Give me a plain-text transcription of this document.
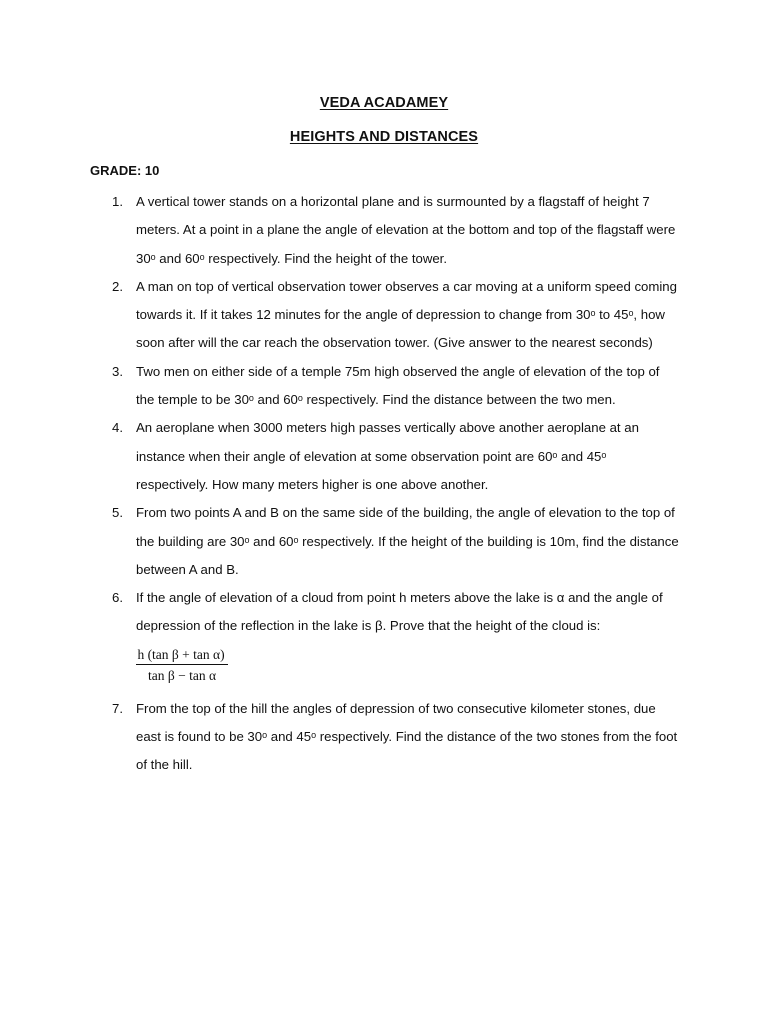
VEDA ACADAMEY
HEIGHTS AND DISTANCES
GRADE: 10
1. A vertical tower stands on a horizontal plane and is surmounted by a flagstaff of height 7 meters. At a point in a plane the angle of elevation at the bottom and top of the flagstaff were 30ᵒ and 60ᵒ respectively. Find the height of the tower.
2. A man on top of vertical observation tower observes a car moving at a uniform speed coming towards it. If it takes 12 minutes for the angle of depression to change from 30ᵒ to 45ᵒ, how soon after will the car reach the observation tower. (Give answer to the nearest seconds)
3. Two men on either side of a temple 75m high observed the angle of elevation of the top of the temple to be 30ᵒ and 60ᵒ respectively. Find the distance between the two men.
4. An aeroplane when 3000 meters high passes vertically above another aeroplane at an instance when their angle of elevation at some observation point are 60ᵒ and 45ᵒ respectively. How many meters higher is one above another.
5. From two points A and B on the same side of the building, the angle of elevation to the top of the building are 30ᵒ and 60ᵒ respectively. If the height of the building is 10m, find the distance between A and B.
6. If the angle of elevation of a cloud from point h meters above the lake is α and the angle of depression of the reflection in the lake is β. Prove that the height of the cloud is:
$\frac{\text{h (tan β + tan α)}}{\text{tan β − tan α}}$
7. From the top of the hill the angles of depression of two consecutive kilometer stones, due east is found to be 30ᵒ and 45ᵒ respectively. Find the distance of the two stones from the foot of the hill.
